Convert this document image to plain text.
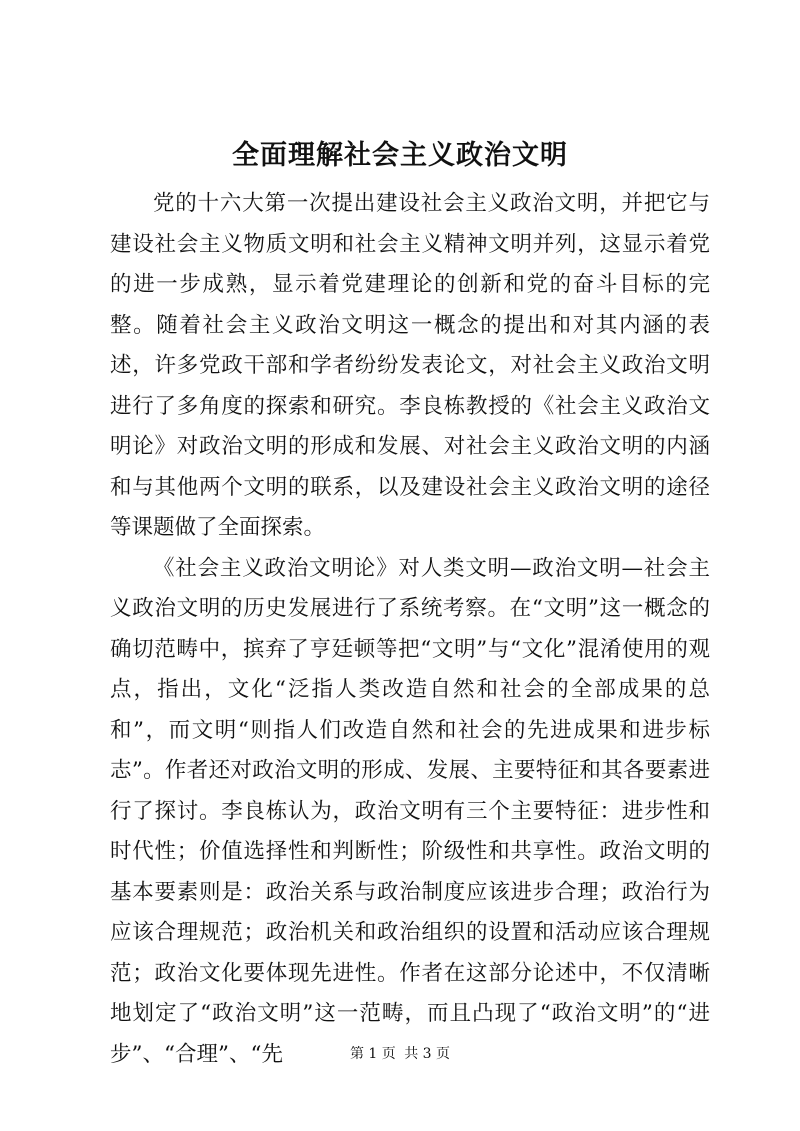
全面理解社会主义政治文明

党的十六大第一次提出建设社会主义政治文明，并把它与建设社会主义物质文明和社会主义精神文明并列，这显示着党的进一步成熟，显示着党建理论的创新和党的奋斗目标的完整。随着社会主义政治文明这一概念的提出和对其内涵的表述，许多党政干部和学者纷纷发表论文，对社会主义政治文明进行了多角度的探索和研究。李良栋教授的《社会主义政治文明论》对政治文明的形成和发展、对社会主义政治文明的内涵和与其他两个文明的联系，以及建设社会主义政治文明的途径等课题做了全面探索。

《社会主义政治文明论》对人类文明—政治文明—社会主义政治文明的历史发展进行了系统考察。在“文明”这一概念的确切范畴中，摈弃了亨廷顿等把“文明”与“文化”混淆使用的观点，指出，文化“泛指人类改造自然和社会的全部成果的总和”，而文明“则指人们改造自然和社会的先进成果和进步标志”。作者还对政治文明的形成、发展、主要特征和其各要素进行了探讨。李良栋认为，政治文明有三个主要特征：进步性和时代性；价值选择性和判断性；阶级性和共享性。政治文明的基本要素则是：政治关系与政治制度应该进步合理；政治行为应该合理规范；政治机关和政治组织的设置和活动应该合理规范；政治文化要体现先进性。作者在这部分论述中，不仅清晰地划定了“政治文明”这一范畴，而且凸现了“政治文明”的“进步”、“合理”、“先	第 1 页 共 3 页
